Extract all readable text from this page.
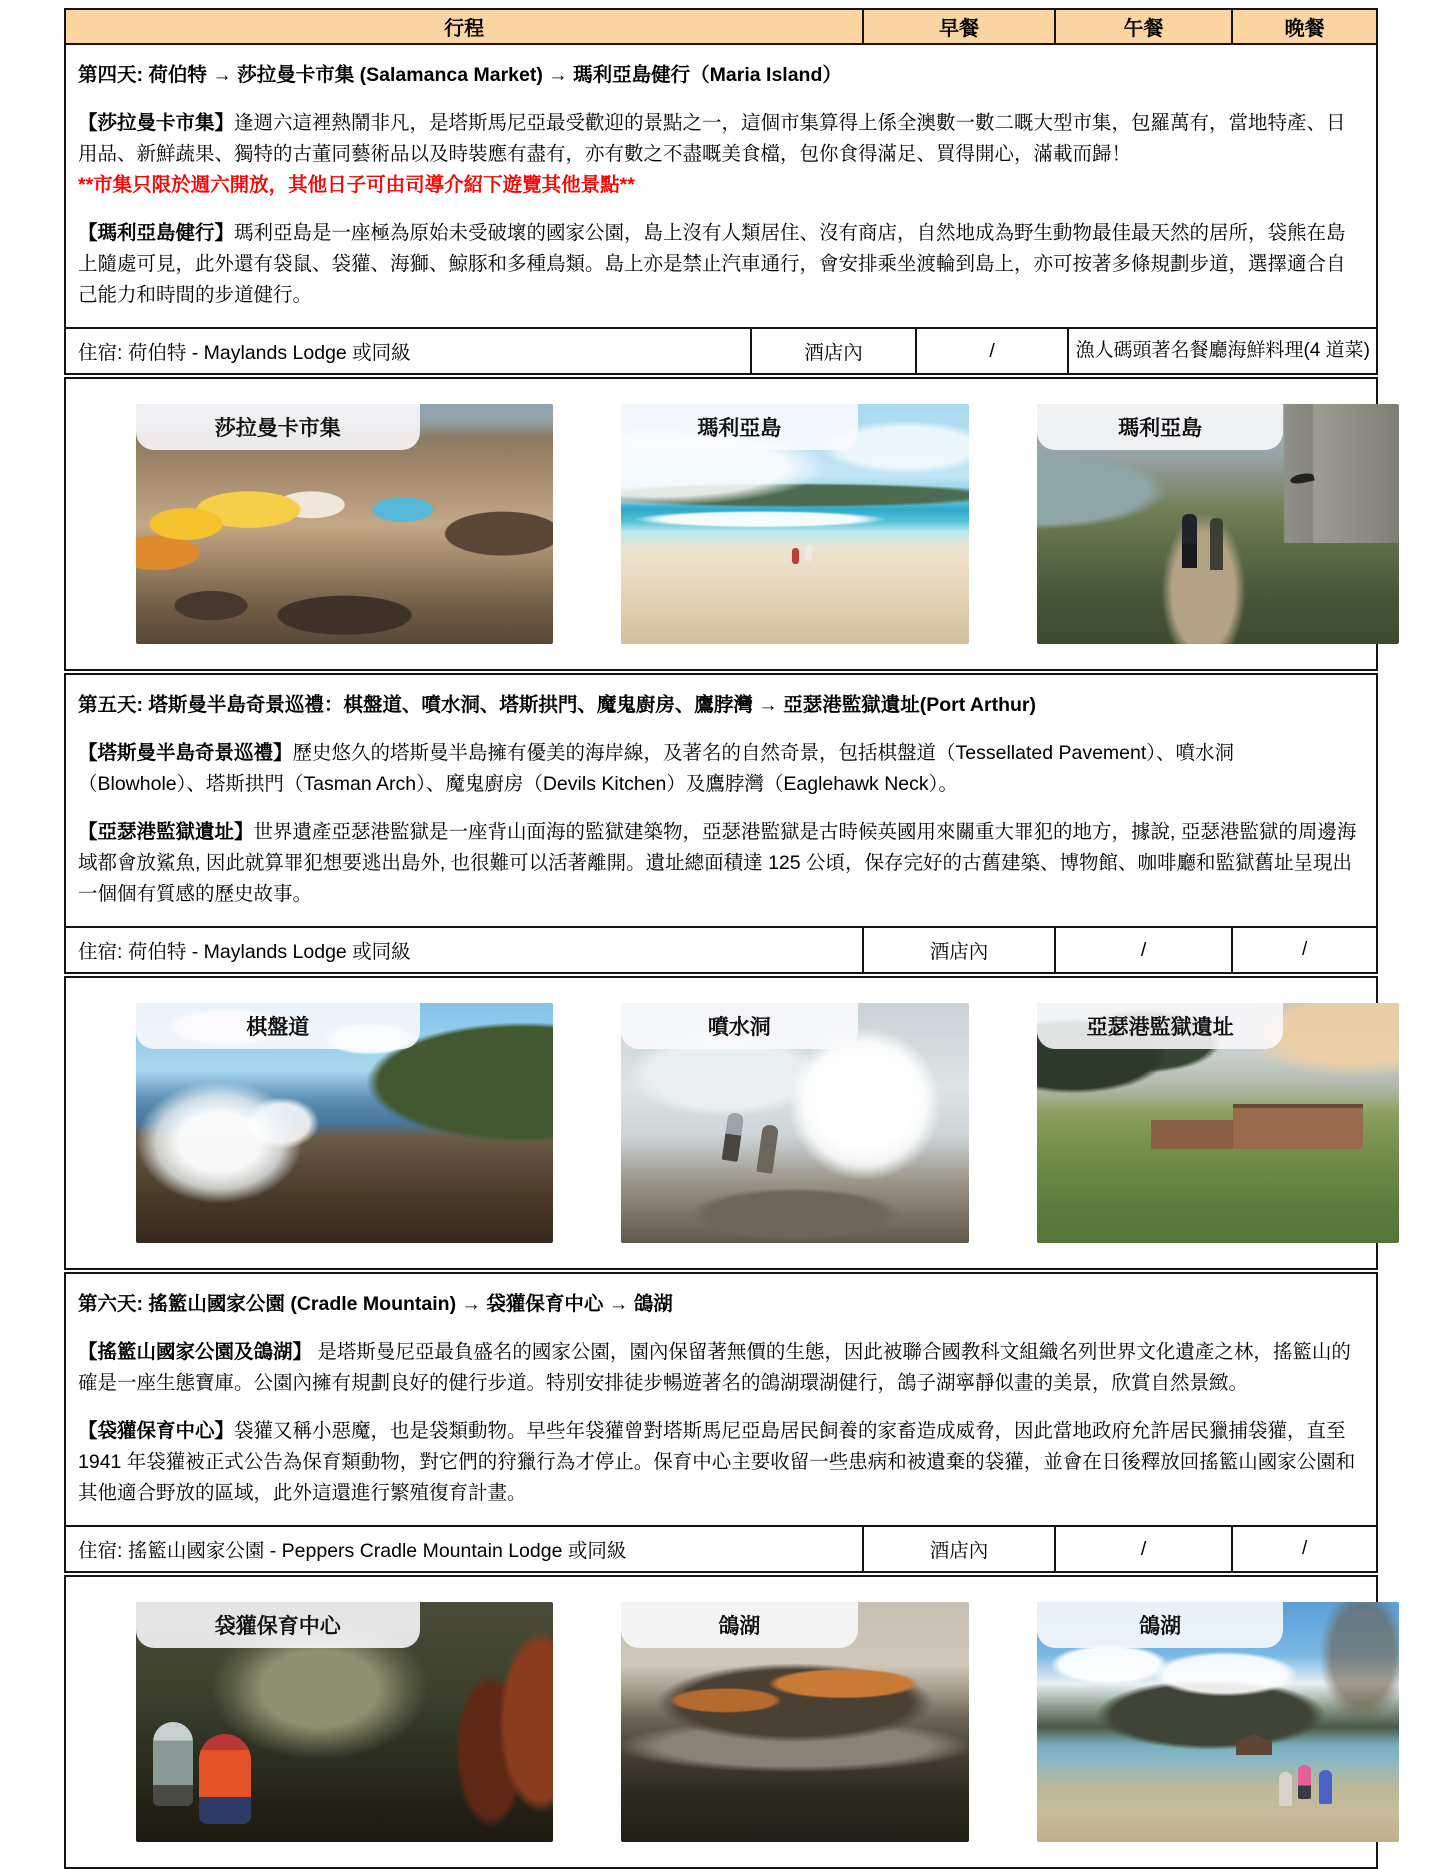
行程	早餐	午餐	晚餐

第四天: 荷伯特 → 莎拉曼卡市集 (Salamanca Market) → 瑪利亞島健行（Maria Island）

【莎拉曼卡市集】逢週六這裡熱鬧非凡，是塔斯馬尼亞最受歡迎的景點之一，這個市集算得上係全澳數一數二嘅大型市集，包羅萬有，當地特產、日用品、新鮮蔬果、獨特的古董同藝術品以及時裝應有盡有，亦有數之不盡嘅美食檔，包你食得滿足、買得開心，滿載而歸！

**市集只限於週六開放，其他日子可由司導介紹下遊覽其他景點**

【瑪利亞島健行】瑪利亞島是一座極為原始未受破壞的國家公園，島上沒有人類居住、沒有商店，自然地成為野生動物最佳最天然的居所，袋熊在島上隨處可見，此外還有袋鼠、袋獾、海獅、鯨豚和多種鳥類。島上亦是禁止汽車通行，會安排乘坐渡輪到島上，亦可按著多條規劃步道，選擇適合自己能力和時間的步道健行。

住宿: 荷伯特 - Maylands Lodge 或同級	酒店內	/	漁人碼頭著名 餐廳海鮮料理 (4 道菜)
莎拉曼卡市集	瑪利亞島	瑪利亞島

第五天: 塔斯曼半島奇景巡禮：棋盤道、噴水洞、塔斯拱門、魔鬼廚房、鷹脖灣 → 亞瑟港監獄遺址(Port Arthur)

【塔斯曼半島奇景巡禮】歷史悠久的塔斯曼半島擁有優美的海岸線，及著名的自然奇景，包括棋盤道（Tessellated Pavement）、噴水洞（Blowhole）、塔斯拱門（Tasman Arch）、魔鬼廚房（Devils Kitchen）及鷹脖灣（Eaglehawk Neck）。

【亞瑟港監獄遺址】世界遺產亞瑟港監獄是一座背山面海的監獄建築物，亞瑟港監獄是古時候英國用來關重大罪犯的地方，據說, 亞瑟港監獄的周邊海域都會放鯊魚, 因此就算罪犯想要逃出島外, 也很難可以活著離開。遺址總面積達 125 公頃，保存完好的古舊建築、博物館、咖啡廳和監獄舊址呈現出一個個有質感的歷史故事。

住宿: 荷伯特 - Maylands Lodge 或同級	酒店內	/	/
棋盤道	噴水洞	亞瑟港監獄遺址

第六天: 搖籃山國家公園 (Cradle Mountain) → 袋獾保育中心 → 鴿湖

【搖籃山國家公園及鴿湖】 是塔斯曼尼亞最負盛名的國家公園，園內保留著無價的生態，因此被聯合國教科文組織名列世界文化遺產之林，搖籃山的確是一座生態寶庫。公園內擁有規劃良好的健行步道。特別安排徒步暢遊著名的鴿湖環湖健行，鴿子湖寧靜似畫的美景，欣賞自然景緻。

【袋獾保育中心】袋獾又稱小惡魔，也是袋類動物。早些年袋獾曾對塔斯馬尼亞島居民飼養的家畜造成威脅，因此當地政府允許居民獵捕袋獾，直至 1941 年袋獾被正式公告為保育類動物，對它們的狩獵行為才停止。保育中心主要收留一些患病和被遺棄的袋獾，並會在日後釋放回搖籃山國家公園和其他適合野放的區域，此外這還進行繁殖復育計畫。

住宿: 搖籃山國家公園 - Peppers Cradle Mountain Lodge 或同級	酒店內	/	/
袋獾保育中心	鴿湖	鴿湖
